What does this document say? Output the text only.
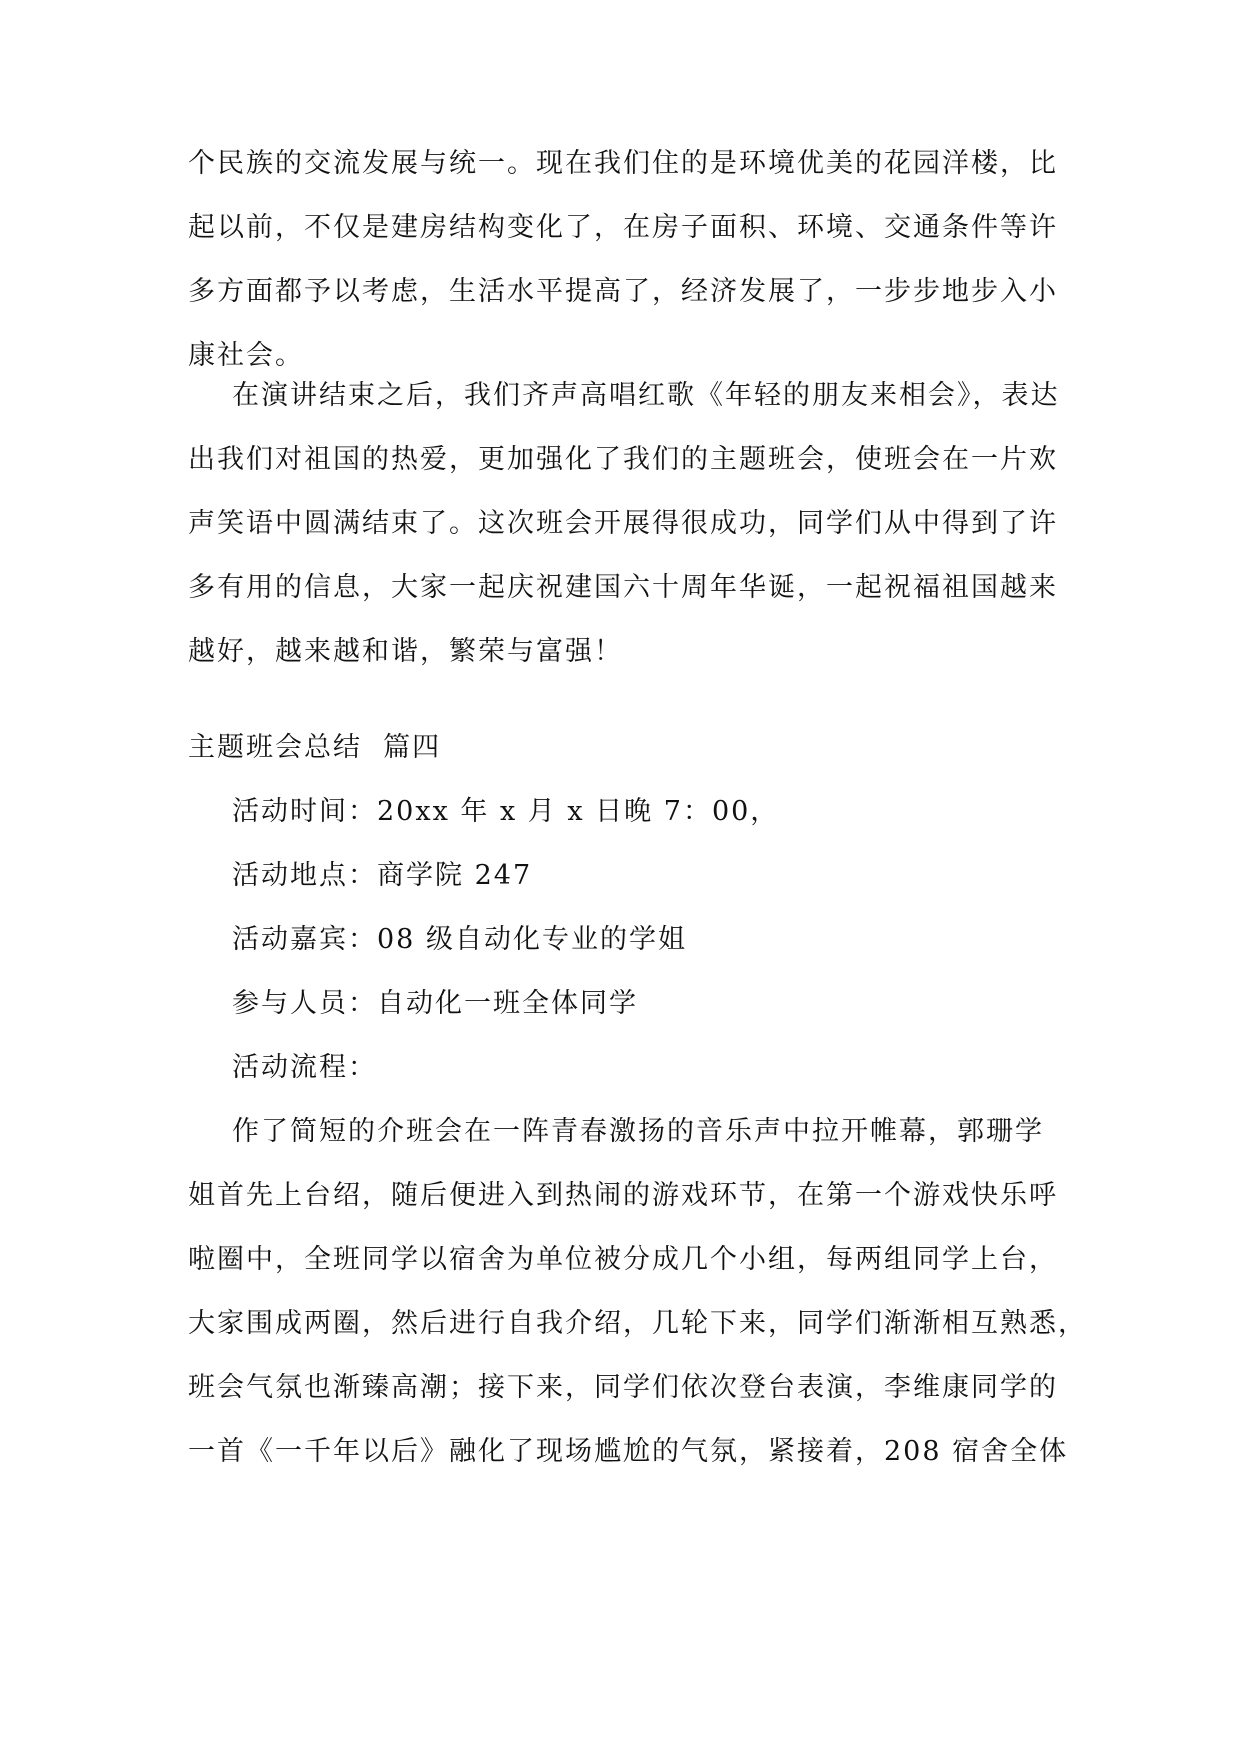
个民族的交流发展与统一。现在我们住的是环境优美的花园洋楼，比
起以前，不仅是建房结构变化了，在房子面积、环境、交通条件等许
多方面都予以考虑，生活水平提高了，经济发展了，一步步地步入小
康社会。
在演讲结束之后，我们齐声高唱红歌《年轻的朋友来相会》，表达
出我们对祖国的热爱，更加强化了我们的主题班会，使班会在一片欢
声笑语中圆满结束了。这次班会开展得很成功，同学们从中得到了许
多有用的信息，大家一起庆祝建国六十周年华诞，一起祝福祖国越来
越好，越来越和谐，繁荣与富强！
主题班会总结  篇四
活动时间：20xx 年 x 月 x 日晚 7：00，
活动地点：商学院 247
活动嘉宾：08 级自动化专业的学姐
参与人员：自动化一班全体同学
活动流程：
作了简短的介班会在一阵青春激扬的音乐声中拉开帷幕，郭珊学
姐首先上台绍，随后便进入到热闹的游戏环节，在第一个游戏快乐呼
啦圈中，全班同学以宿舍为单位被分成几个小组，每两组同学上台，
大家围成两圈，然后进行自我介绍，几轮下来，同学们渐渐相互熟悉，
班会气氛也渐臻高潮；接下来，同学们依次登台表演，李维康同学的
一首《一千年以后》融化了现场尴尬的气氛，紧接着，208 宿舍全体
